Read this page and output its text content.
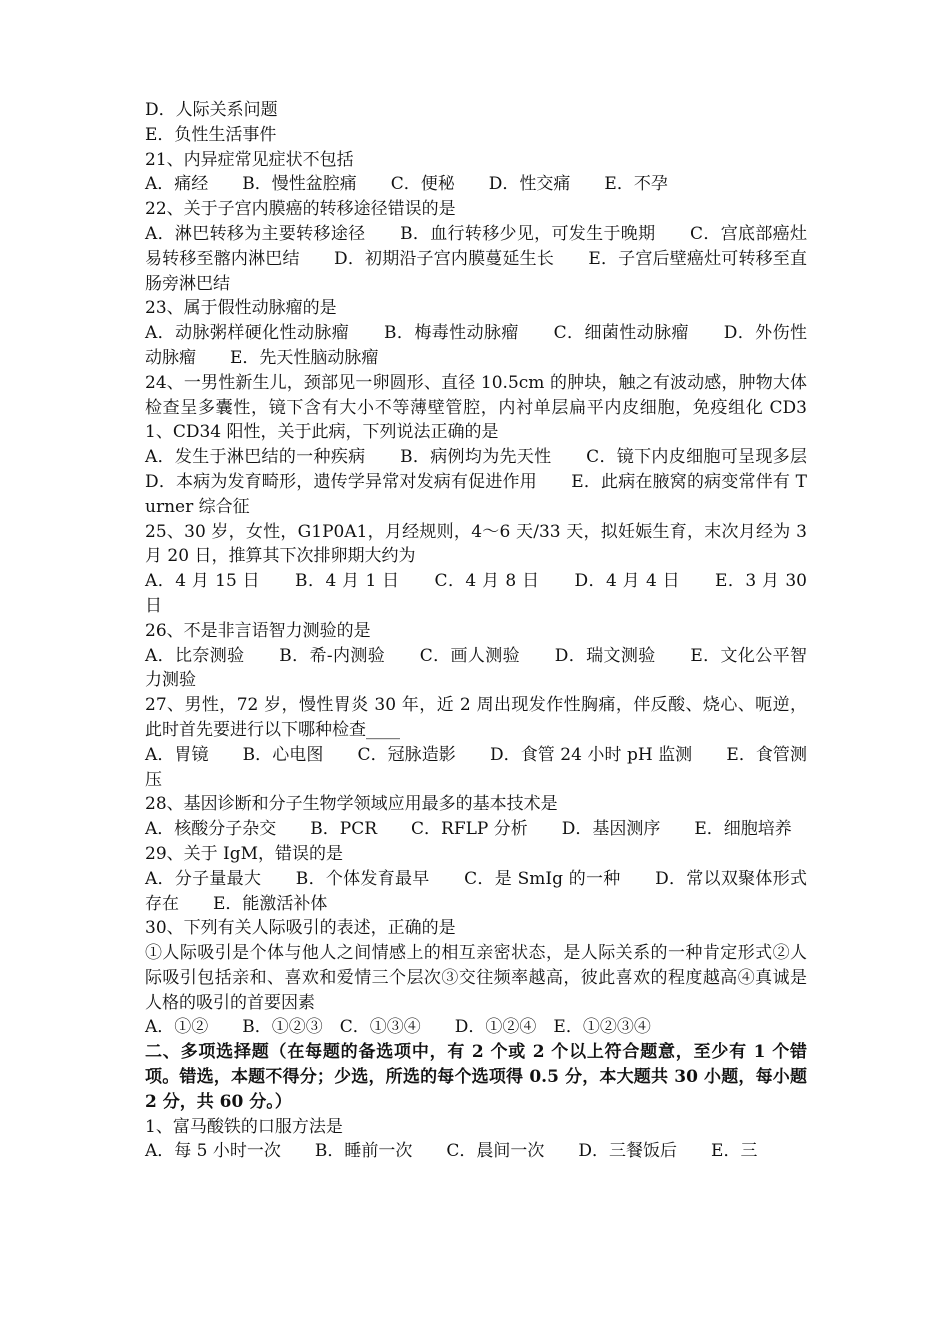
D．人际关系问题

E．负性生活事件

21、内异症常见症状不包括

A．痛经　　B．慢性盆腔痛　　C．便秘　　D．性交痛　　E．不孕

22、关于子宫内膜癌的转移途径错误的是

A．淋巴转移为主要转移途径　　B．血行转移少见，可发生于晚期　　C．宫底部癌灶易转移至髂内淋巴结　　D．初期沿子宫内膜蔓延生长　　E．子宫后壁癌灶可转移至直肠旁淋巴结

23、属于假性动脉瘤的是

A．动脉粥样硬化性动脉瘤　　B．梅毒性动脉瘤　　C．细菌性动脉瘤　　D．外伤性动脉瘤　　E．先天性脑动脉瘤

24、一男性新生儿，颈部见一卵圆形、直径 10.5cm 的肿块，触之有波动感，肿物大体检查呈多囊性，镜下含有大小不等薄壁管腔，内衬单层扁平内皮细胞，免疫组化 CD31、CD34 阳性，关于此病，下列说法正确的是

A．发生于淋巴结的一种疾病　　B．病例均为先天性　　C．镜下内皮细胞可呈现多层　　D．本病为发育畸形，遗传学异常对发病有促进作用　　E．此病在腋窝的病变常伴有 Turner 综合征

25、30 岁，女性，G1P0A1，月经规则，4～6 天/33 天，拟妊娠生育，末次月经为 3 月 20 日，推算其下次排卵期大约为

A．4 月 15 日　　B．4 月 1 日　　C．4 月 8 日　　D．4 月 4 日　　E．3 月 30 日

26、不是非言语智力测验的是

A．比奈测验　　B．希-内测验　　C．画人测验　　D．瑞文测验　　E．文化公平智力测验

27、男性，72 岁，慢性胃炎 30 年，近 2 周出现发作性胸痛，伴反酸、烧心、呃逆，此时首先要进行以下哪种检查____

A．胃镜　　B．心电图　　C．冠脉造影　　D．食管 24 小时 pH 监测　　E．食管测压

28、基因诊断和分子生物学领域应用最多的基本技术是

A．核酸分子杂交　　B．PCR　　C．RFLP 分析　　D．基因测序　　E．细胞培养

29、关于 IgM，错误的是

A．分子量最大　　B．个体发育最早　　C．是 SmIg 的一种　　D．常以双聚体形式存在　　E．能激活补体

30、下列有关人际吸引的表述，正确的是

①人际吸引是个体与他人之间情感上的相互亲密状态，是人际关系的一种肯定形式②人际吸引包括亲和、喜欢和爱情三个层次③交往频率越高，彼此喜欢的程度越高④真诚是人格的吸引的首要因素

A．①②　　B．①②③　C．①③④　　D．①②④　E．①②③④

二、多项选择题（在每题的备选项中，有 2 个或 2 个以上符合题意，至少有 1 个错项。错选，本题不得分；少选，所选的每个选项得 0.5 分，本大题共 30 小题，每小题 2 分，共 60 分。）

1、富马酸铁的口服方法是

A．每 5 小时一次　　B．睡前一次　　C．晨间一次　　D．三餐饭后　　E．三
